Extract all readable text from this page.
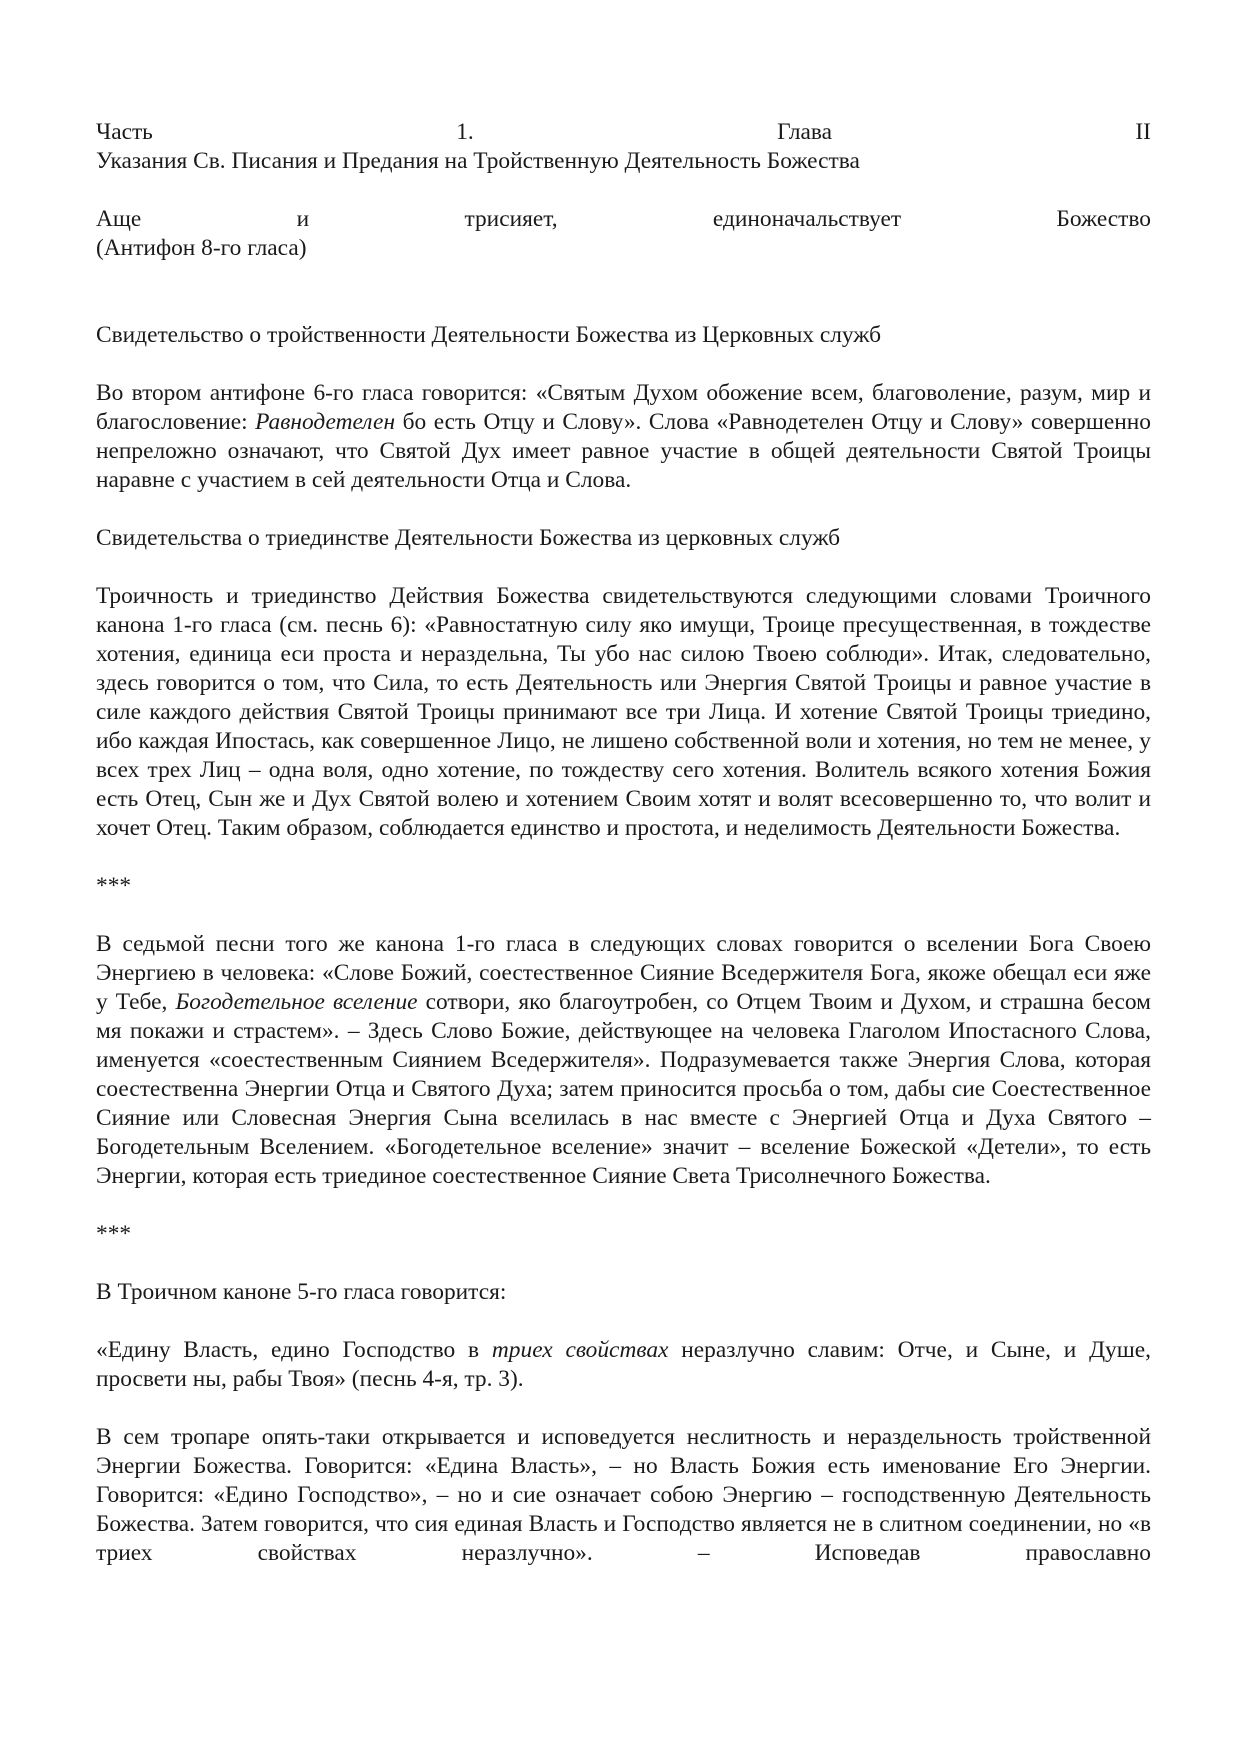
Часть	1.	Глава	II

Указания Св. Писания и Предания на Тройственную Деятельность Божества

Аще	и	трисияет,	единоначальствует	Божество

(Антифон 8-го гласа)

Свидетельство о тройственности Деятельности Божества из Церковных служб

Во втором антифоне 6-го гласа говорится: «Святым Духом обожение всем, благоволение, разум, мир и благословение: Равнодетелен бо есть Отцу и Слову». Слова «Равнодетелен Отцу и Слову» совершенно непреложно означают, что Святой Дух имеет равное участие в общей деятельности Святой Троицы наравне с участием в сей деятельности Отца и Слова.

Свидетельства о триединстве Деятельности Божества из церковных служб

Троичность и триединство Действия Божества свидетельствуются следующими словами Троичного канона 1-го гласа (см. песнь 6): «Равностатную силу яко имущи, Троице пресущественная, в тождестве хотения, единица еси проста и нераздельна, Ты убо нас силою Твоею соблюди». Итак, следовательно, здесь говорится о том, что Сила, то есть Деятельность или Энергия Святой Троицы и равное участие в силе каждого действия Святой Троицы принимают все три Лица. И хотение Святой Троицы триедино, ибо каждая Ипостась, как совершенное Лицо, не лишено собственной воли и хотения, но тем не менее, у всех трех Лиц – одна воля, одно хотение, по тождеству сего хотения. Волитель всякого хотения Божия есть Отец, Сын же и Дух Святой волею и хотением Своим хотят и волят всесовершенно то, что волит и хочет Отец. Таким образом, соблюдается единство и простота, и неделимость Деятельности Божества.

***

В седьмой песни того же канона 1-го гласа в следующих словах говорится о вселении Бога Своею Энергиею в человека: «Слове Божий, соестественное Сияние Вседержителя Бога, якоже обещал еси яже у Тебе, Богодетельное вселение сотвори, яко благоутробен, со Отцем Твоим и Духом, и страшна бесом мя покажи и страстем». – Здесь Слово Божие, действующее на человека Глаголом Ипостасного Слова, именуется «соестественным Сиянием Вседержителя». Подразумевается также Энергия Слова, которая соестественна Энергии Отца и Святого Духа; затем приносится просьба о том, дабы сие Соестественное Сияние или Словесная Энергия Сына вселилась в нас вместе с Энергией Отца и Духа Святого – Богодетельным Вселением. «Богодетельное вселение» значит – вселение Божеской «Детели», то есть Энергии, которая есть триединое соестественное Сияние Света Трисолнечного Божества.

***

В Троичном каноне 5-го гласа говорится:

«Едину Власть, едино Господство в триех свойствах неразлучно славим: Отче, и Сыне, и Душе, просвети ны, рабы Твоя» (песнь 4-я, тр. 3).

В сем тропаре опять-таки открывается и исповедуется неслитность и нераздельность тройственной Энергии Божества. Говорится: «Едина Власть», – но Власть Божия есть именование Его Энергии. Говорится: «Едино Господство», – но и сие означает собою Энергию – господственную Деятельность Божества. Затем говорится, что сия единая Власть и Господство является не в слитном соединении, но «в триех свойствах неразлучно». – Исповедав православно
